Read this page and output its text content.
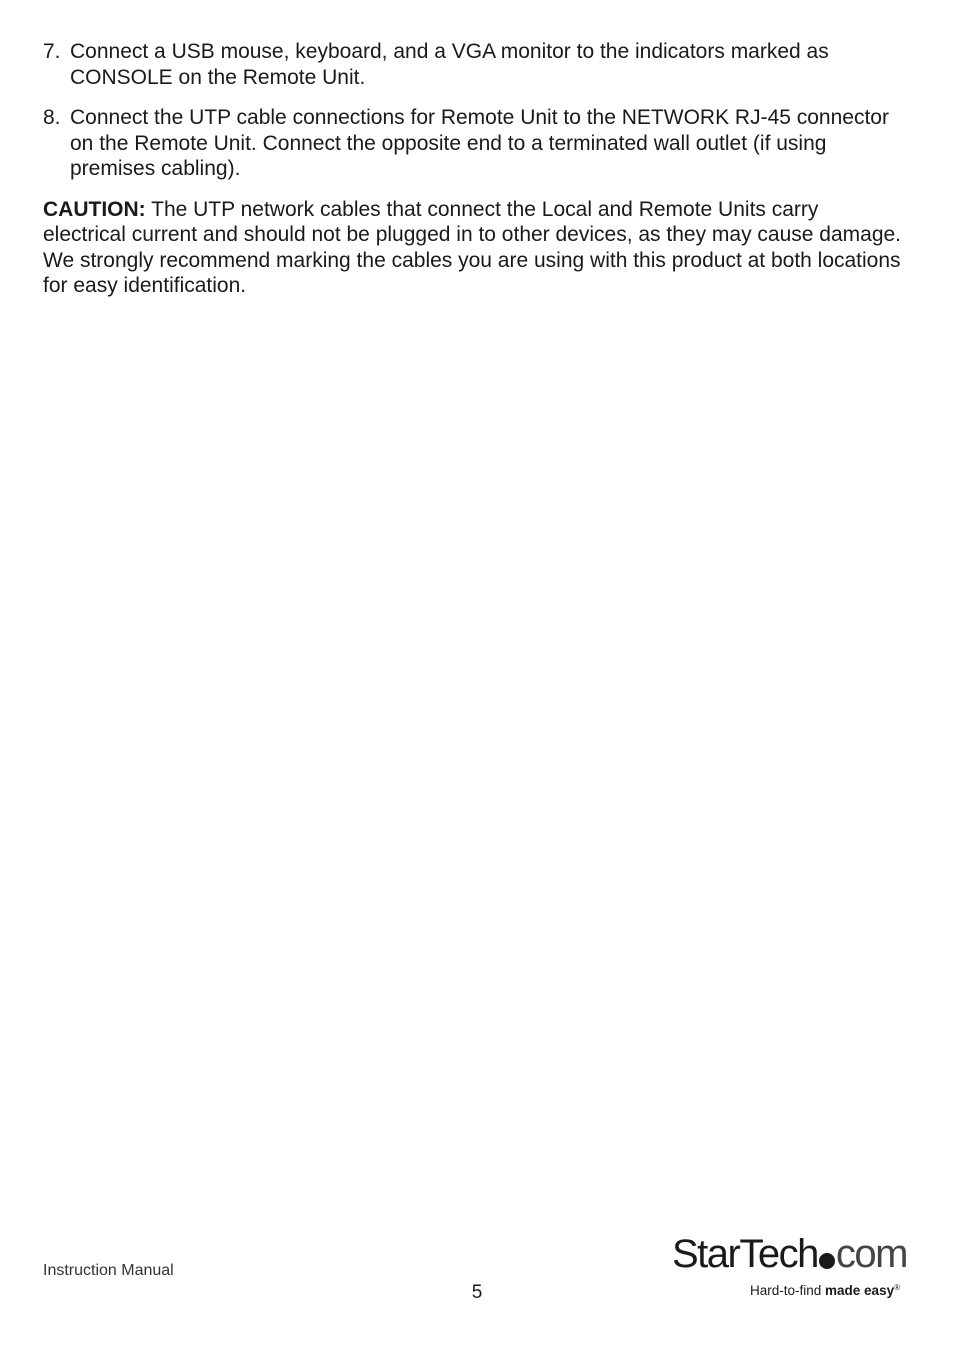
7. Connect a USB mouse, keyboard, and a VGA monitor to the indicators marked as CONSOLE on the Remote Unit.
8. Connect the UTP cable connections for Remote Unit to the NETWORK RJ-45 connector on the Remote Unit. Connect the opposite end to a terminated wall outlet (if using premises cabling).

CAUTION: The UTP network cables that connect the Local and Remote Units carry electrical current and should not be plugged in to other devices, as they may cause damage. We strongly recommend marking the cables you are using with this product at both locations for easy identification.

Instruction Manual
5
StarTech com
Hard-to-find made easy®
